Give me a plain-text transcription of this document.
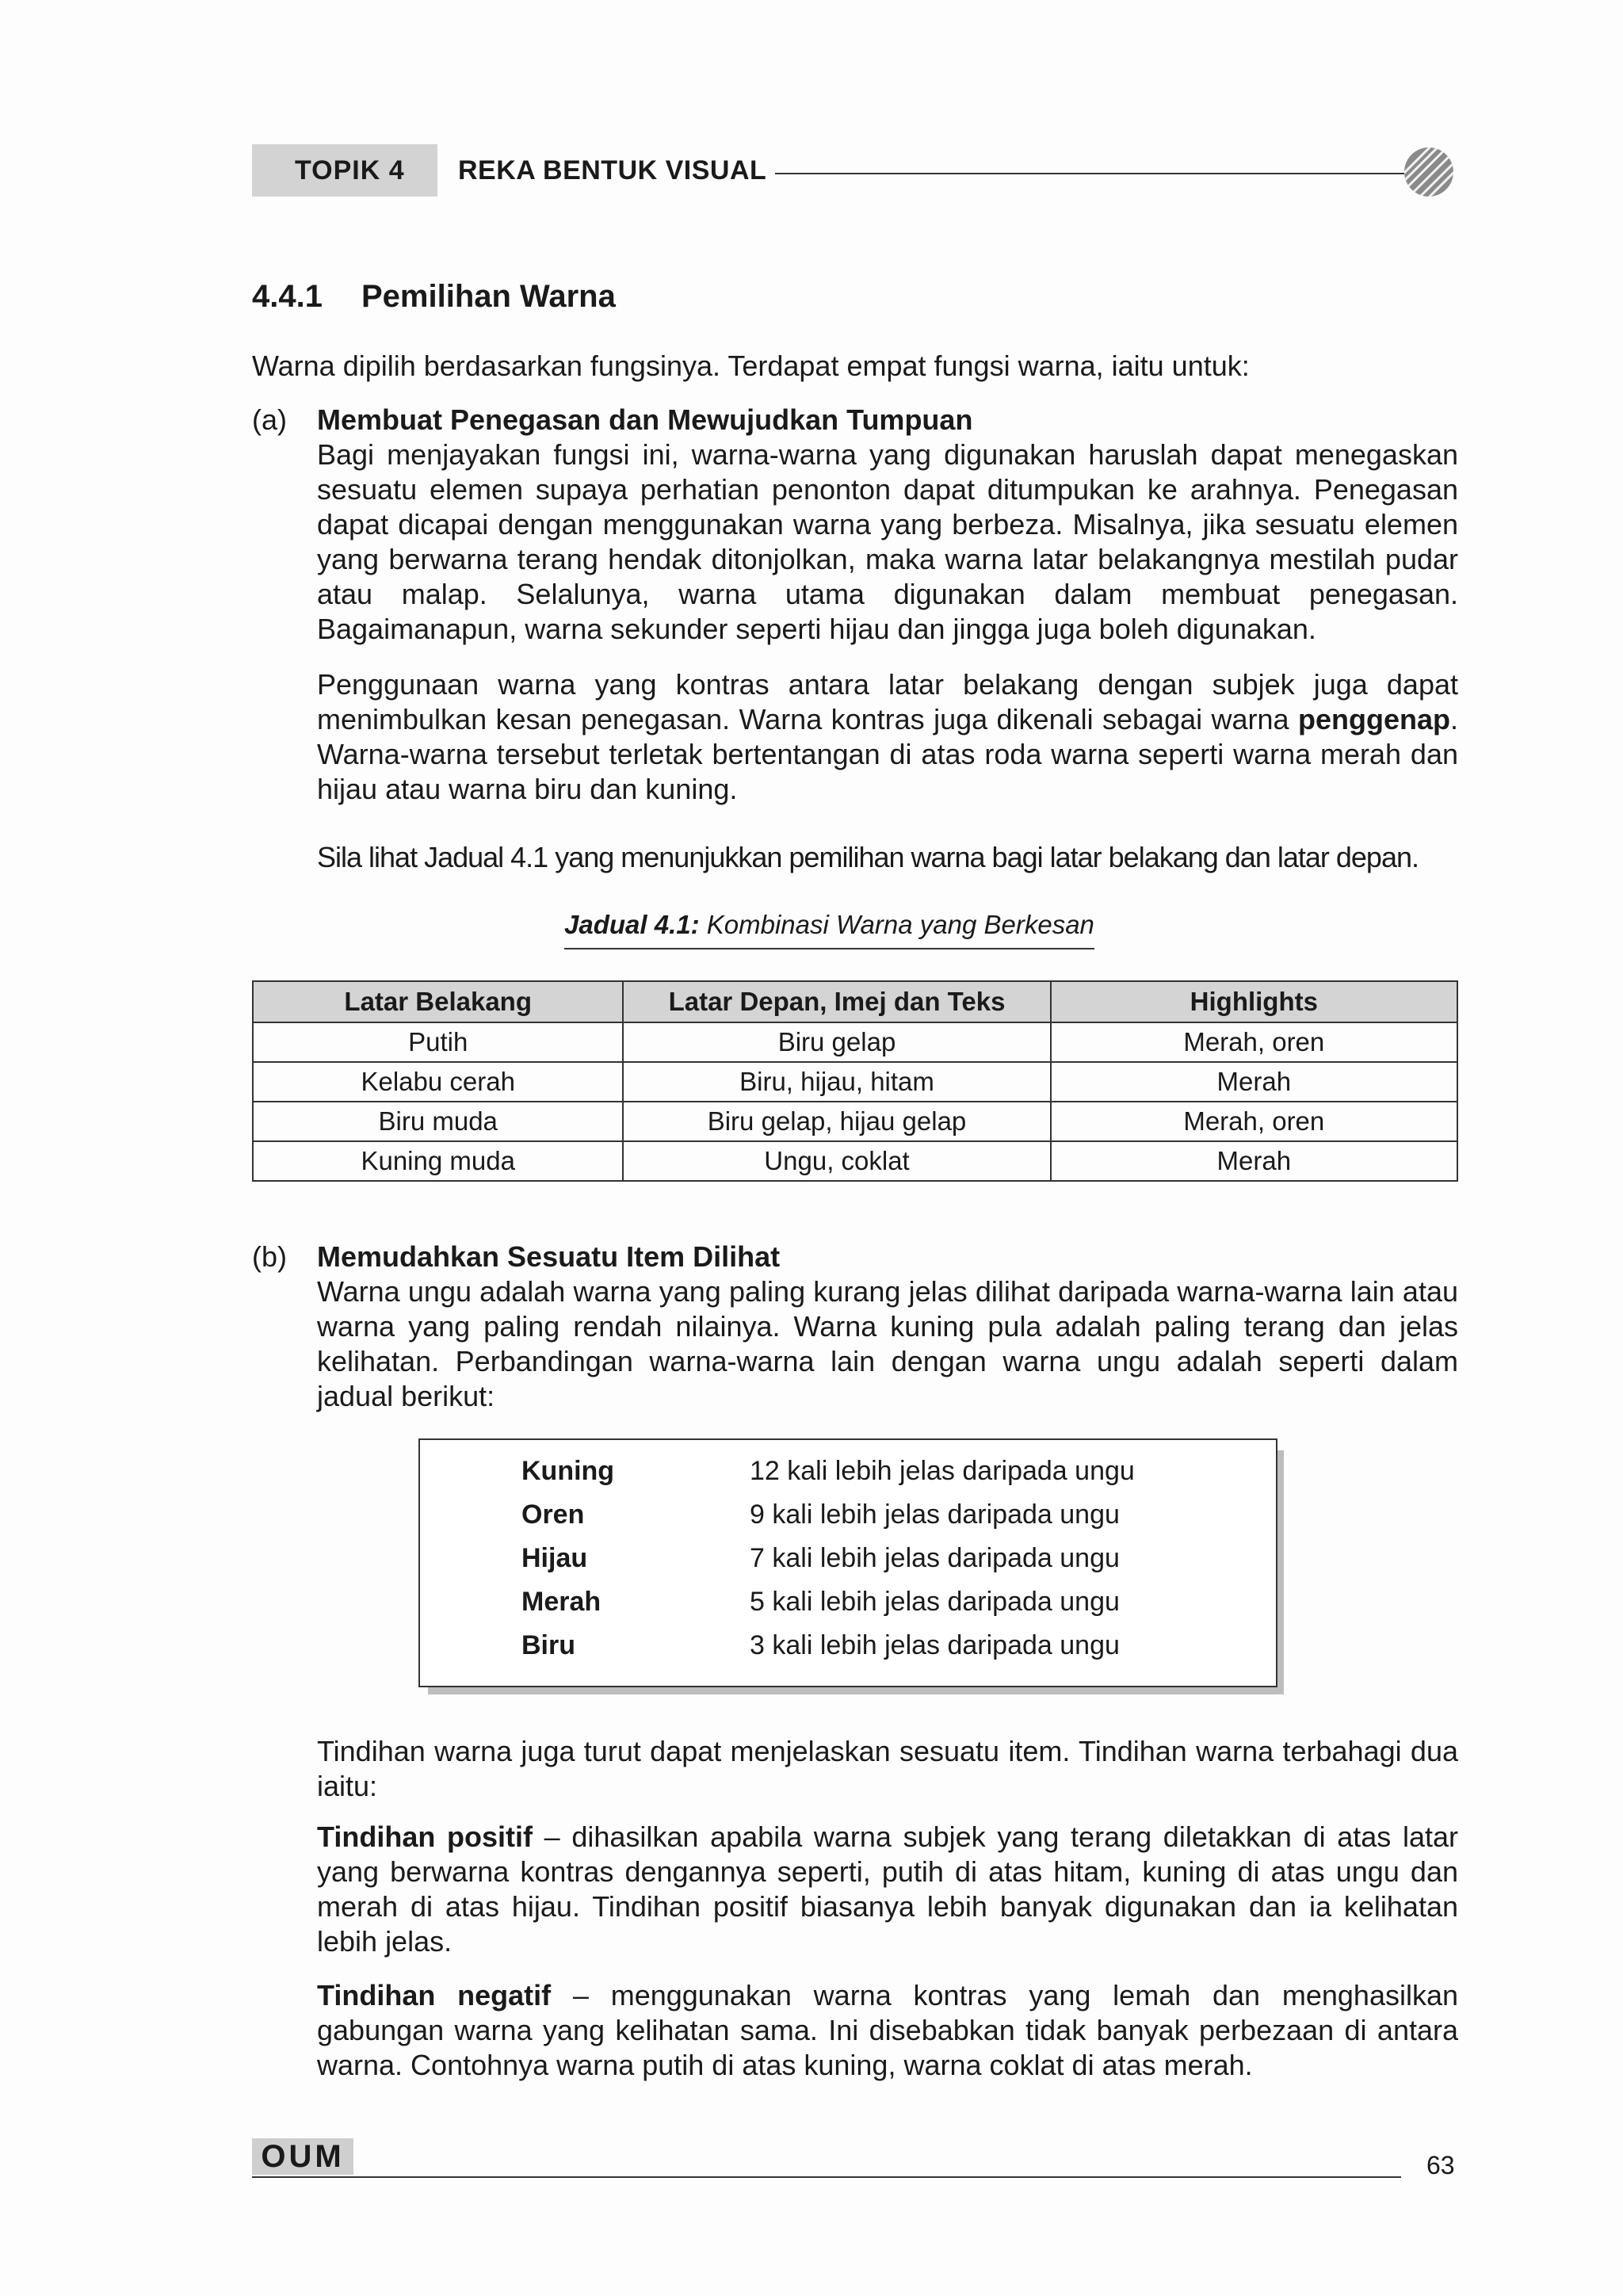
TOPIK 4 REKA BENTUK VISUAL
4.4.1 Pemilihan Warna
Warna dipilih berdasarkan fungsinya. Terdapat empat fungsi warna, iaitu untuk:
(a) Membuat Penegasan dan Mewujudkan Tumpuan
Bagi menjayakan fungsi ini, warna-warna yang digunakan haruslah dapat menegaskan sesuatu elemen supaya perhatian penonton dapat ditumpukan ke arahnya. Penegasan dapat dicapai dengan menggunakan warna yang berbeza. Misalnya, jika sesuatu elemen yang berwarna terang hendak ditonjolkan, maka warna latar belakangnya mestilah pudar atau malap. Selalunya, warna utama digunakan dalam membuat penegasan. Bagaimanapun, warna sekunder seperti hijau dan jingga juga boleh digunakan.
Penggunaan warna yang kontras antara latar belakang dengan subjek juga dapat menimbulkan kesan penegasan. Warna kontras juga dikenali sebagai warna penggenap. Warna-warna tersebut terletak bertentangan di atas roda warna seperti warna merah dan hijau atau warna biru dan kuning.
Sila lihat Jadual 4.1 yang menunjukkan pemilihan warna bagi latar belakang dan latar depan.
Jadual 4.1: Kombinasi Warna yang Berkesan
Latar Belakang	Latar Depan, Imej dan Teks	Highlights
Putih	Biru gelap	Merah, oren
Kelabu cerah	Biru, hijau, hitam	Merah
Biru muda	Biru gelap, hijau gelap	Merah, oren
Kuning muda	Ungu, coklat	Merah
(b) Memudahkan Sesuatu Item Dilihat
Warna ungu adalah warna yang paling kurang jelas dilihat daripada warna-warna lain atau warna yang paling rendah nilainya. Warna kuning pula adalah paling terang dan jelas kelihatan. Perbandingan warna-warna lain dengan warna ungu adalah seperti dalam jadual berikut:
Kuning	12 kali lebih jelas daripada ungu
Oren	9 kali lebih jelas daripada ungu
Hijau	7 kali lebih jelas daripada ungu
Merah	5 kali lebih jelas daripada ungu
Biru	3 kali lebih jelas daripada ungu
Tindihan warna juga turut dapat menjelaskan sesuatu item. Tindihan warna terbahagi dua iaitu:
Tindihan positif – dihasilkan apabila warna subjek yang terang diletakkan di atas latar yang berwarna kontras dengannya seperti, putih di atas hitam, kuning di atas ungu dan merah di atas hijau. Tindihan positif biasanya lebih banyak digunakan dan ia kelihatan lebih jelas.
Tindihan negatif – menggunakan warna kontras yang lemah dan menghasilkan gabungan warna yang kelihatan sama. Ini disebabkan tidak banyak perbezaan di antara warna. Contohnya warna putih di atas kuning, warna coklat di atas merah.
OUM	63
